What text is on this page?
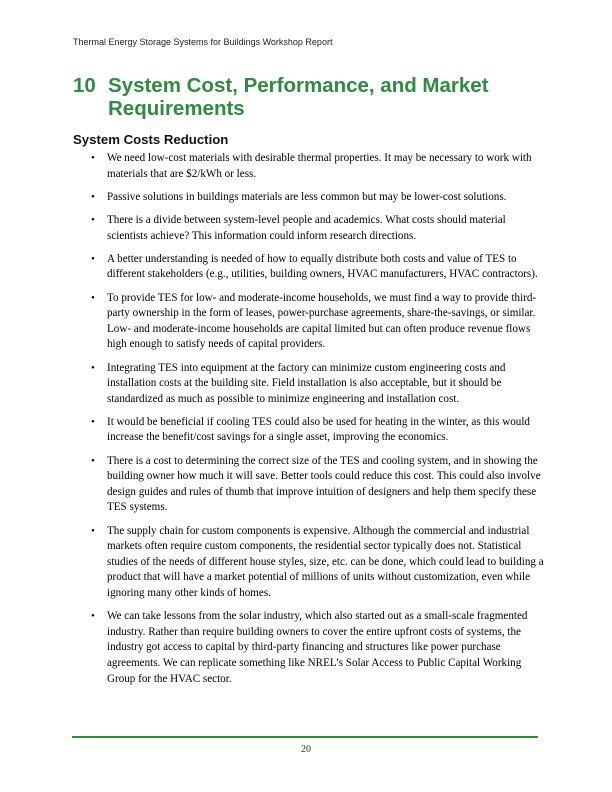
Thermal Energy Storage Systems for Buildings Workshop Report
10 System Cost, Performance, and Market Requirements
System Costs Reduction
• We need low-cost materials with desirable thermal properties. It may be necessary to work with materials that are $2/kWh or less.
• Passive solutions in buildings materials are less common but may be lower-cost solutions.
• There is a divide between system-level people and academics. What costs should material scientists achieve? This information could inform research directions.
• A better understanding is needed of how to equally distribute both costs and value of TES to different stakeholders (e.g., utilities, building owners, HVAC manufacturers, HVAC contractors).
• To provide TES for low- and moderate-income households, we must find a way to provide third-party ownership in the form of leases, power-purchase agreements, share-the-savings, or similar. Low- and moderate-income households are capital limited but can often produce revenue flows high enough to satisfy needs of capital providers.
• Integrating TES into equipment at the factory can minimize custom engineering costs and installation costs at the building site. Field installation is also acceptable, but it should be standardized as much as possible to minimize engineering and installation cost.
• It would be beneficial if cooling TES could also be used for heating in the winter, as this would increase the benefit/cost savings for a single asset, improving the economics.
• There is a cost to determining the correct size of the TES and cooling system, and in showing the building owner how much it will save. Better tools could reduce this cost. This could also involve design guides and rules of thumb that improve intuition of designers and help them specify these TES systems.
• The supply chain for custom components is expensive. Although the commercial and industrial markets often require custom components, the residential sector typically does not. Statistical studies of the needs of different house styles, size, etc. can be done, which could lead to building a product that will have a market potential of millions of units without customization, even while ignoring many other kinds of homes.
• We can take lessons from the solar industry, which also started out as a small-scale fragmented industry. Rather than require building owners to cover the entire upfront costs of systems, the industry got access to capital by third-party financing and structures like power purchase agreements. We can replicate something like NREL’s Solar Access to Public Capital Working Group for the HVAC sector.
20
